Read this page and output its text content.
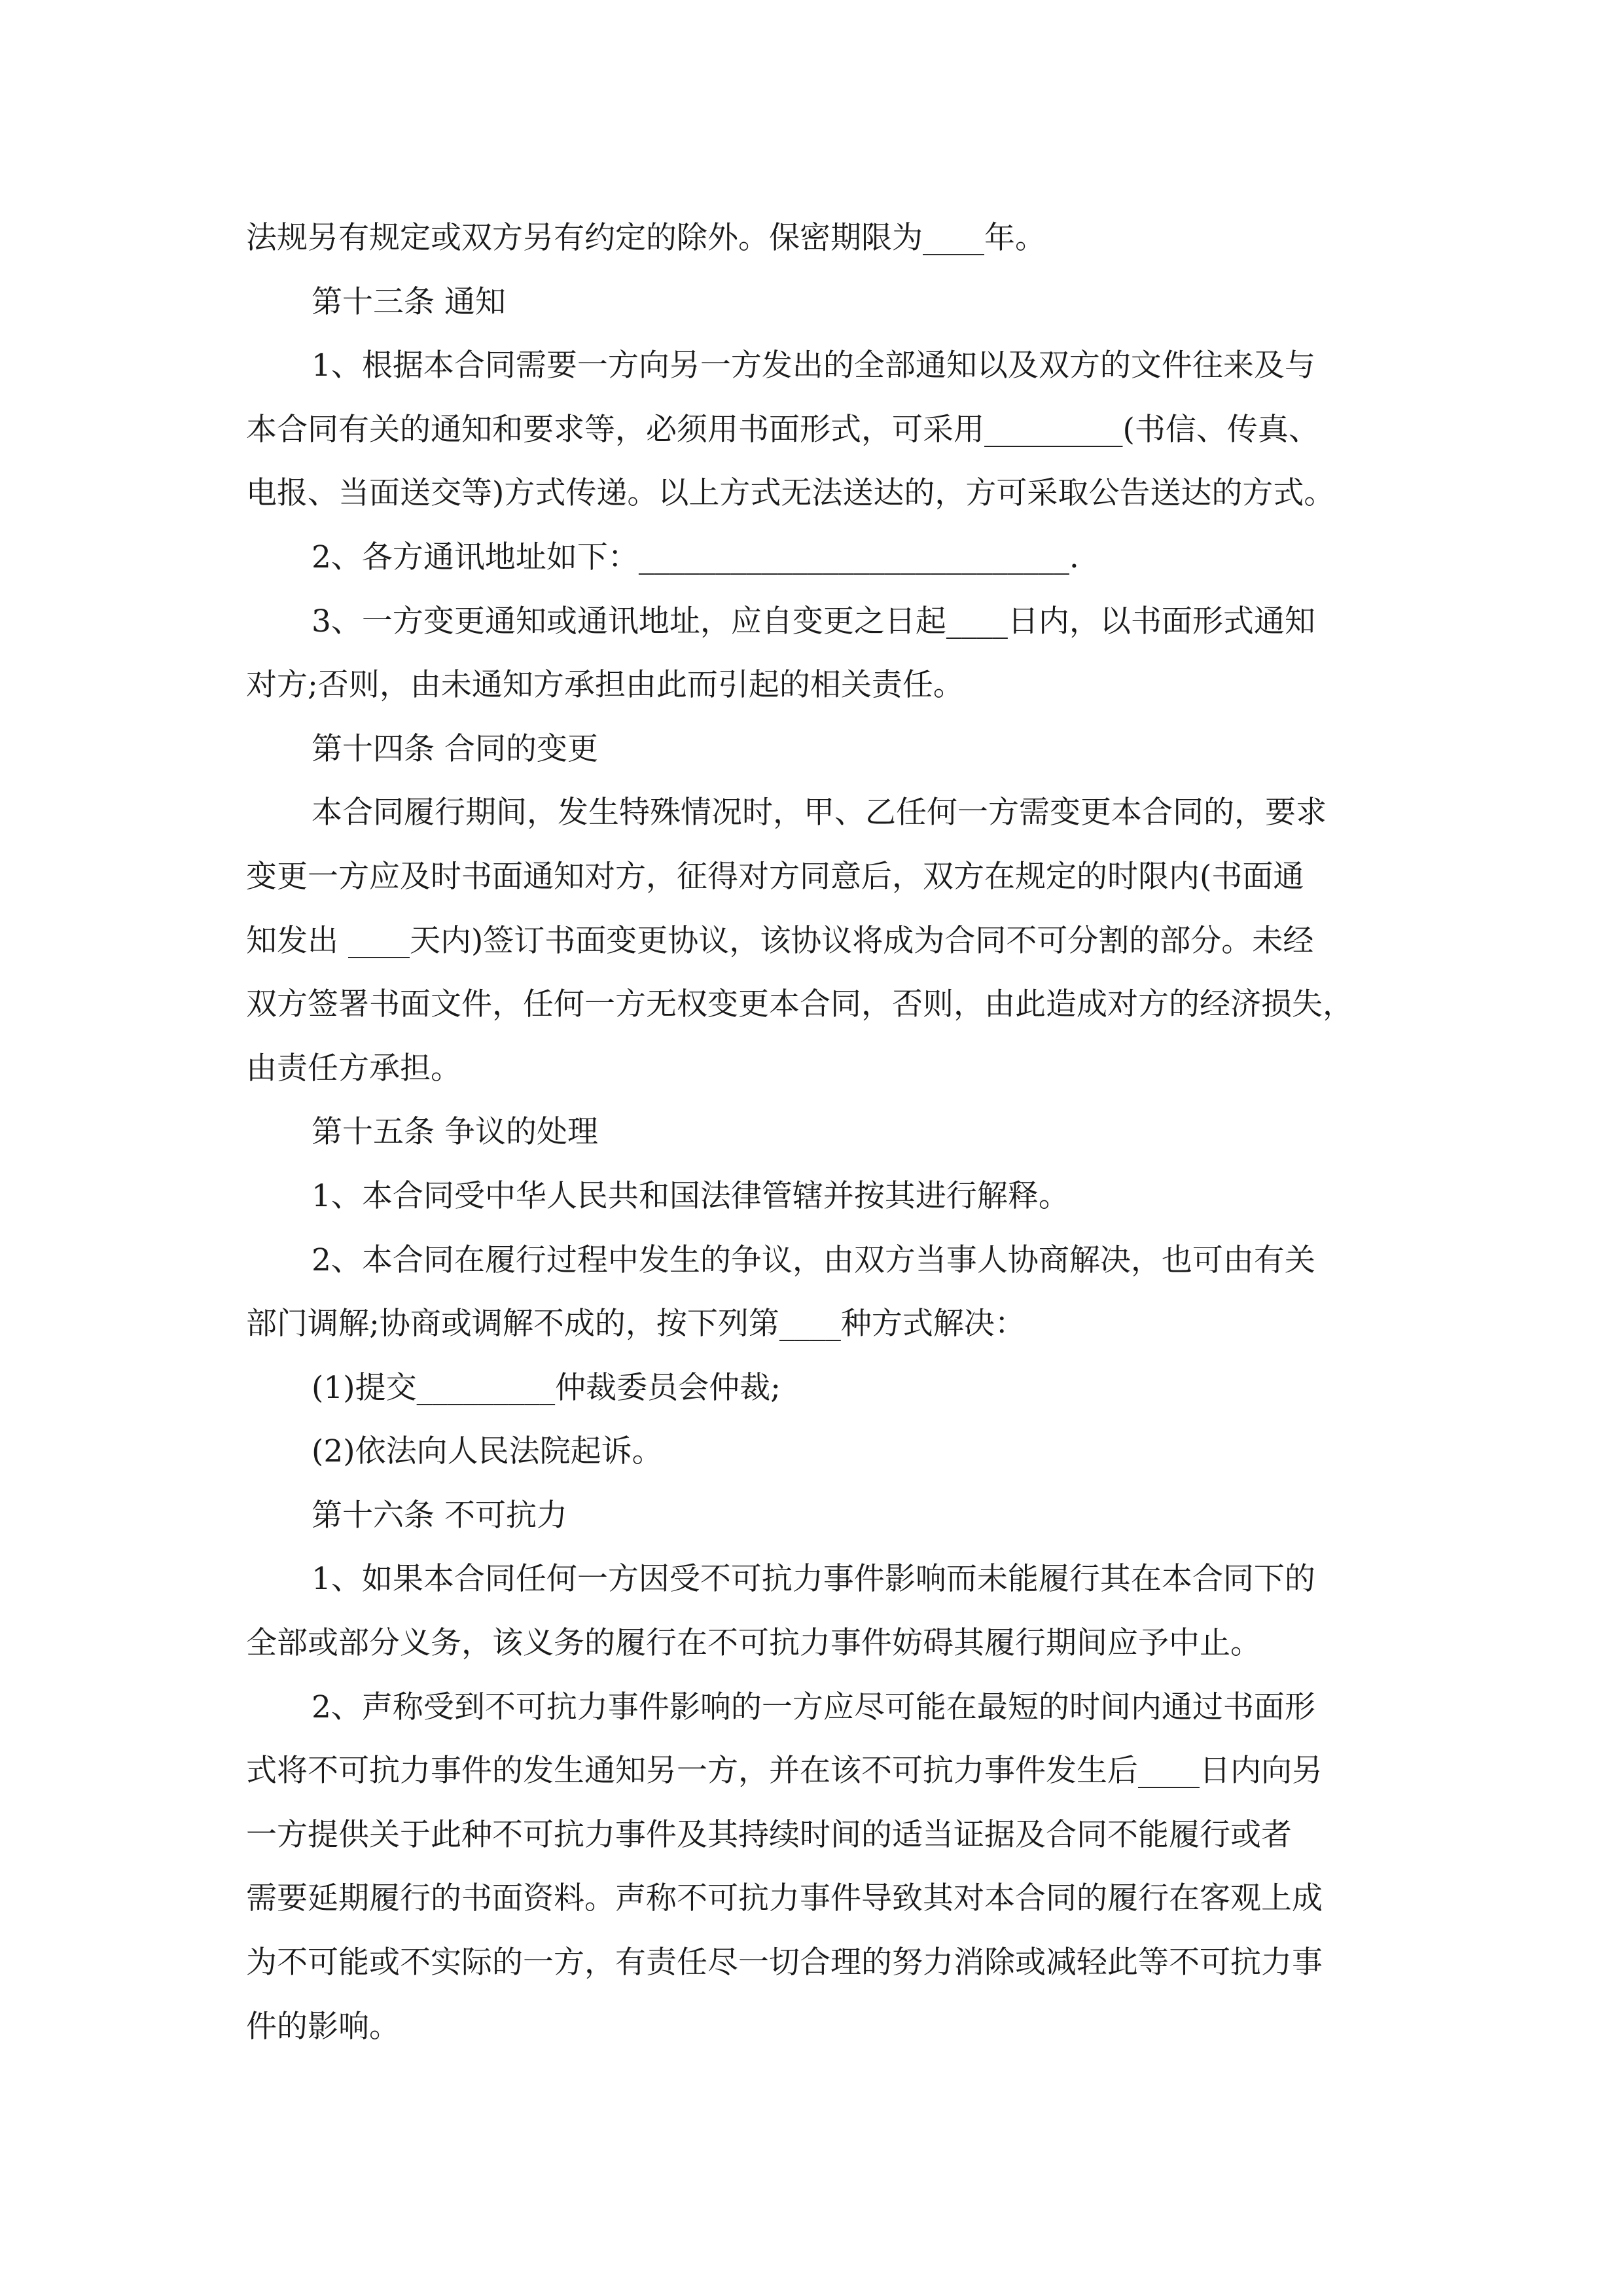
法规另有规定或双方另有约定的除外。保密期限为____年。
第十三条 通知
1、根据本合同需要一方向另一方发出的全部通知以及双方的文件往来及与
本合同有关的通知和要求等，必须用书面形式，可采用_________(书信、传真、
电报、当面送交等)方式传递。以上方式无法送达的，方可采取公告送达的方式。
2、各方通讯地址如下：____________________________.
3、一方变更通知或通讯地址，应自变更之日起____日内，以书面形式通知
对方;否则，由未通知方承担由此而引起的相关责任。
第十四条 合同的变更
本合同履行期间，发生特殊情况时，甲、乙任何一方需变更本合同的，要求
变更一方应及时书面通知对方，征得对方同意后，双方在规定的时限内(书面通
知发出 ____天内)签订书面变更协议，该协议将成为合同不可分割的部分。未经
双方签署书面文件，任何一方无权变更本合同，否则，由此造成对方的经济损失，
由责任方承担。
第十五条 争议的处理
1、本合同受中华人民共和国法律管辖并按其进行解释。
2、本合同在履行过程中发生的争议，由双方当事人协商解决，也可由有关
部门调解;协商或调解不成的，按下列第____种方式解决：
(1)提交_________仲裁委员会仲裁;
(2)依法向人民法院起诉。
第十六条 不可抗力
1、如果本合同任何一方因受不可抗力事件影响而未能履行其在本合同下的
全部或部分义务，该义务的履行在不可抗力事件妨碍其履行期间应予中止。
2、声称受到不可抗力事件影响的一方应尽可能在最短的时间内通过书面形
式将不可抗力事件的发生通知另一方，并在该不可抗力事件发生后____日内向另
一方提供关于此种不可抗力事件及其持续时间的适当证据及合同不能履行或者
需要延期履行的书面资料。声称不可抗力事件导致其对本合同的履行在客观上成
为不可能或不实际的一方，有责任尽一切合理的努力消除或减轻此等不可抗力事
件的影响。
